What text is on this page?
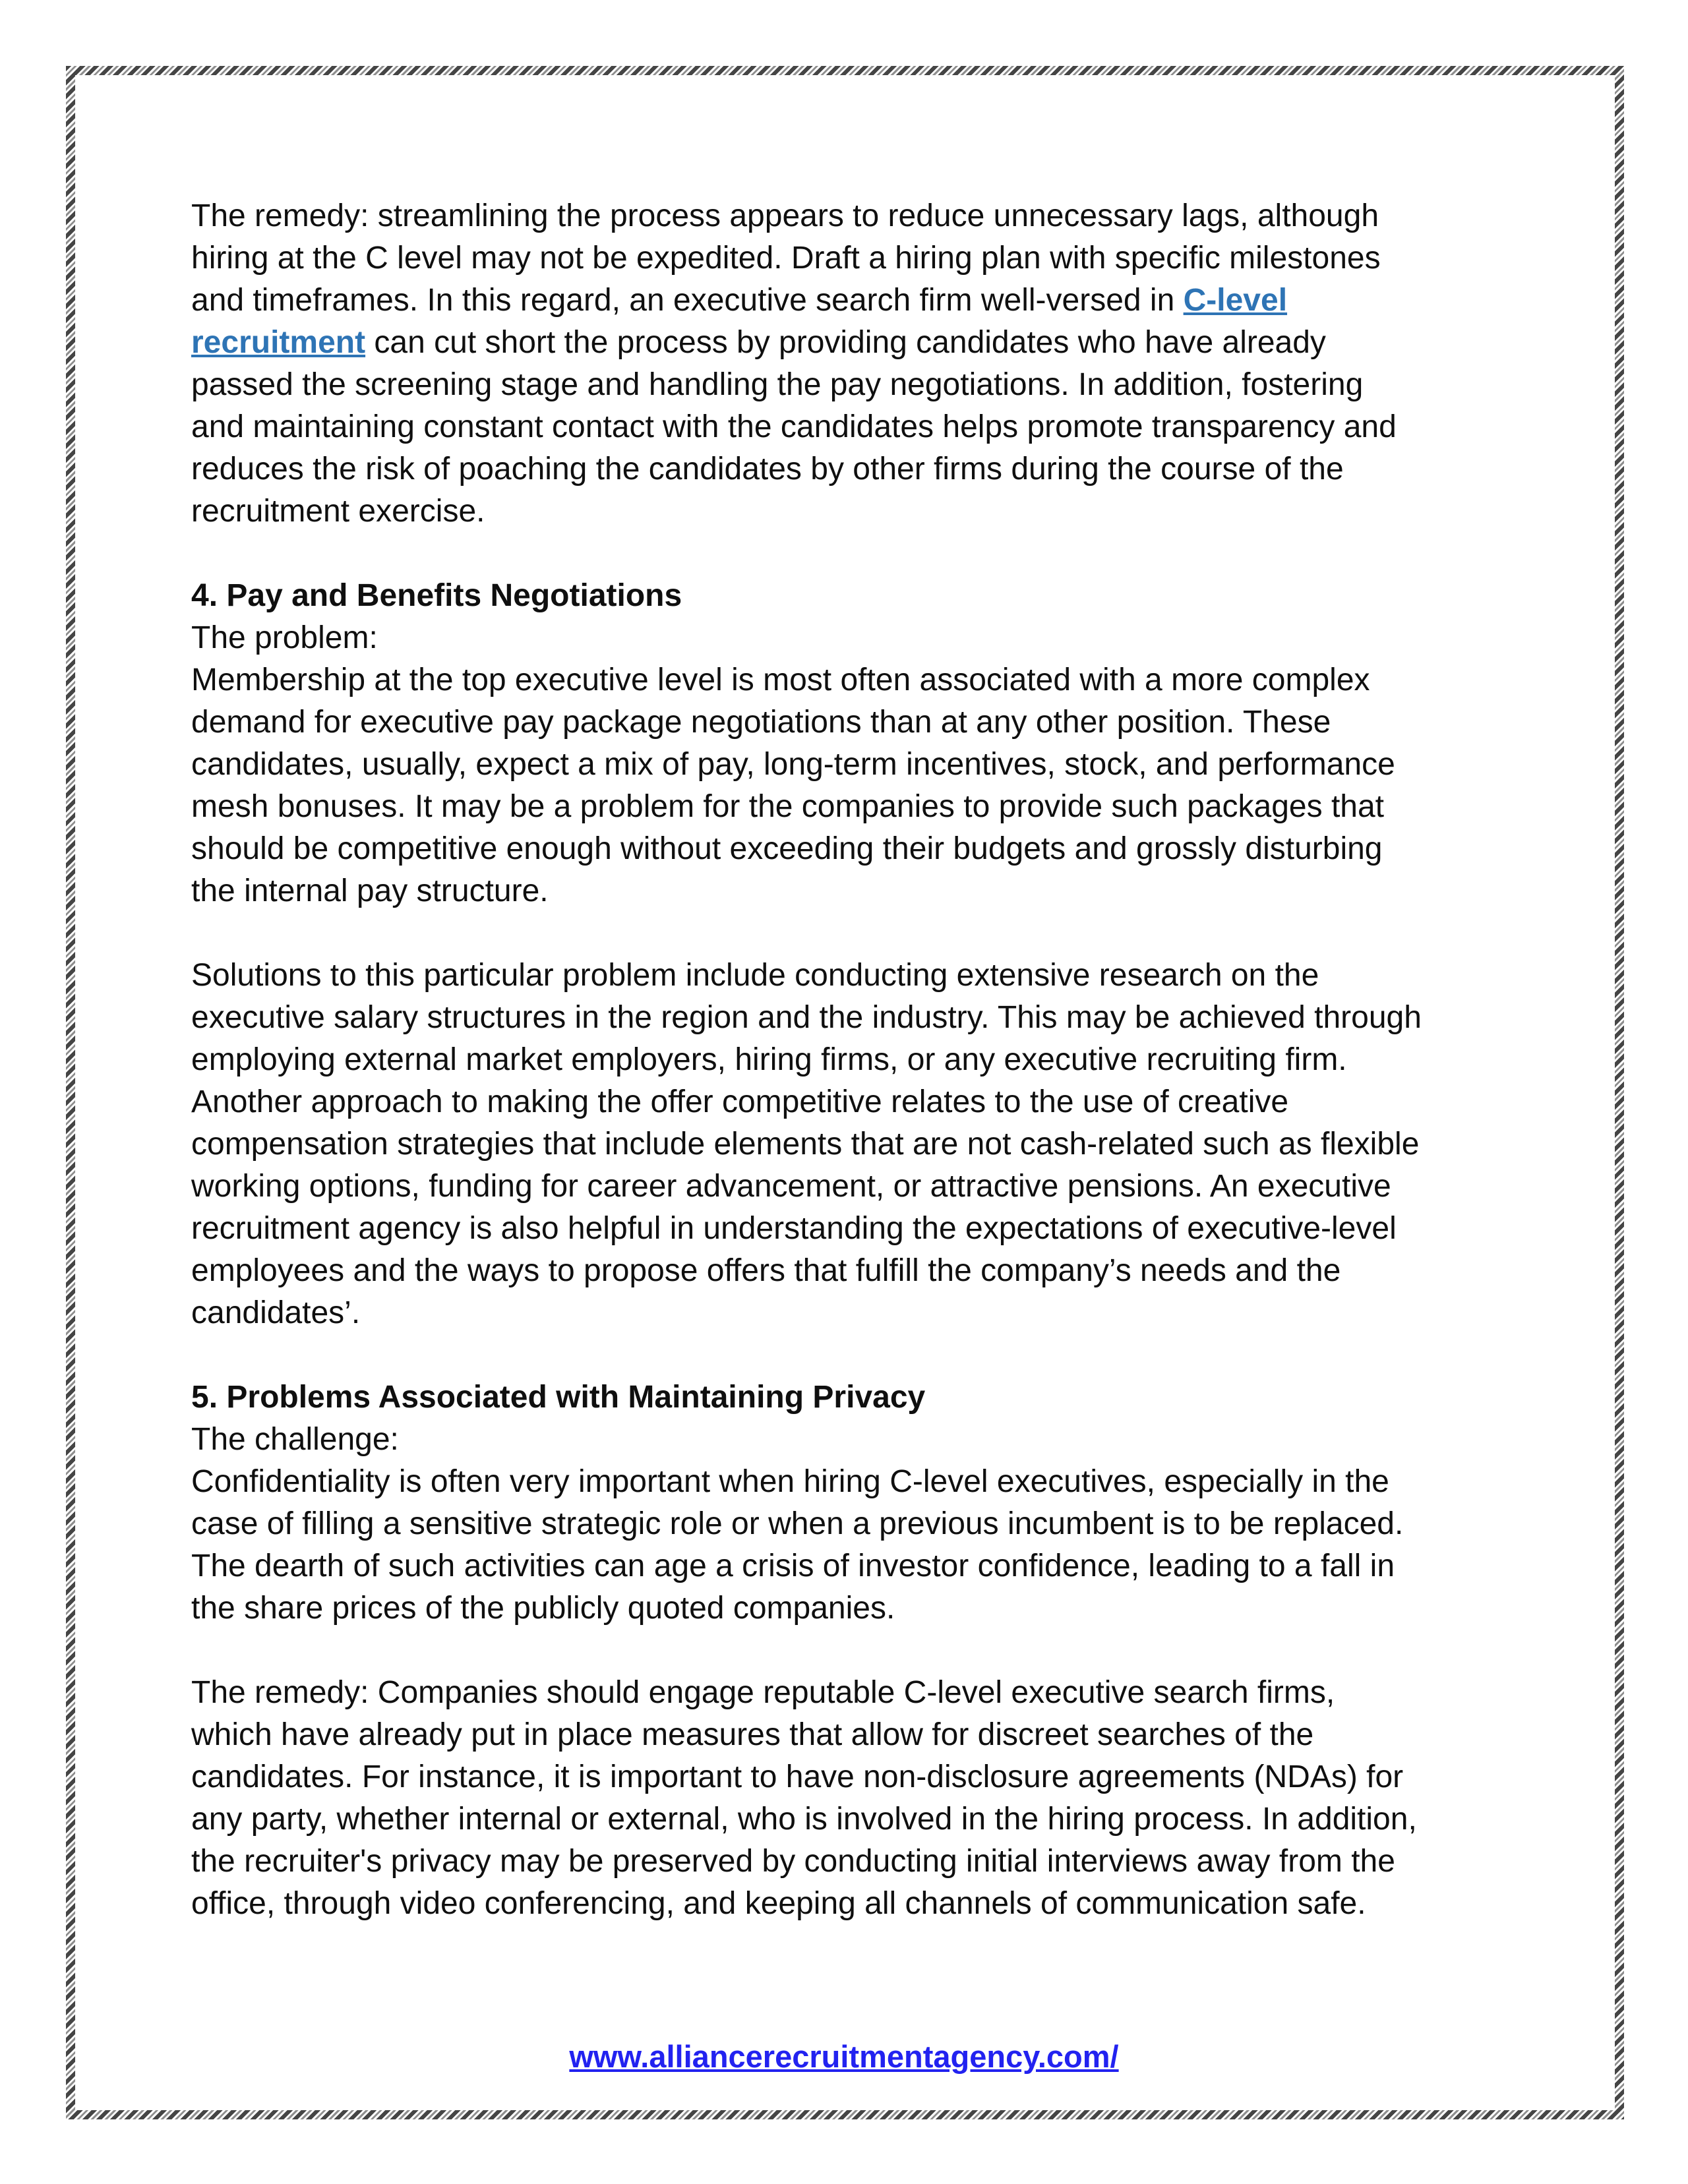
The remedy: streamlining the process appears to reduce unnecessary lags, although hiring at the C level may not be expedited. Draft a hiring plan with specific milestones and timeframes. In this regard, an executive search firm well-versed in C-level recruitment can cut short the process by providing candidates who have already passed the screening stage and handling the pay negotiations. In addition, fostering and maintaining constant contact with the candidates helps promote transparency and reduces the risk of poaching the candidates by other firms during the course of the recruitment exercise.

4. Pay and Benefits Negotiations

The problem:

Membership at the top executive level is most often associated with a more complex demand for executive pay package negotiations than at any other position. These candidates, usually, expect a mix of pay, long-term incentives, stock, and performance mesh bonuses. It may be a problem for the companies to provide such packages that should be competitive enough without exceeding their budgets and grossly disturbing the internal pay structure.

Solutions to this particular problem include conducting extensive research on the executive salary structures in the region and the industry. This may be achieved through employing external market employers, hiring firms, or any executive recruiting firm. Another approach to making the offer competitive relates to the use of creative compensation strategies that include elements that are not cash-related such as flexible working options, funding for career advancement, or attractive pensions. An executive recruitment agency is also helpful in understanding the expectations of executive-level employees and the ways to propose offers that fulfill the company’s needs and the candidates’.

5. Problems Associated with Maintaining Privacy

The challenge:

Confidentiality is often very important when hiring C-level executives, especially in the case of filling a sensitive strategic role or when a previous incumbent is to be replaced. The dearth of such activities can age a crisis of investor confidence, leading to a fall in the share prices of the publicly quoted companies.

The remedy: Companies should engage reputable C-level executive search firms, which have already put in place measures that allow for discreet searches of the candidates. For instance, it is important to have non-disclosure agreements (NDAs) for any party, whether internal or external, who is involved in the hiring process. In addition, the recruiter's privacy may be preserved by conducting initial interviews away from the office, through video conferencing, and keeping all channels of communication safe.

www.alliancerecruitmentagency.com/
